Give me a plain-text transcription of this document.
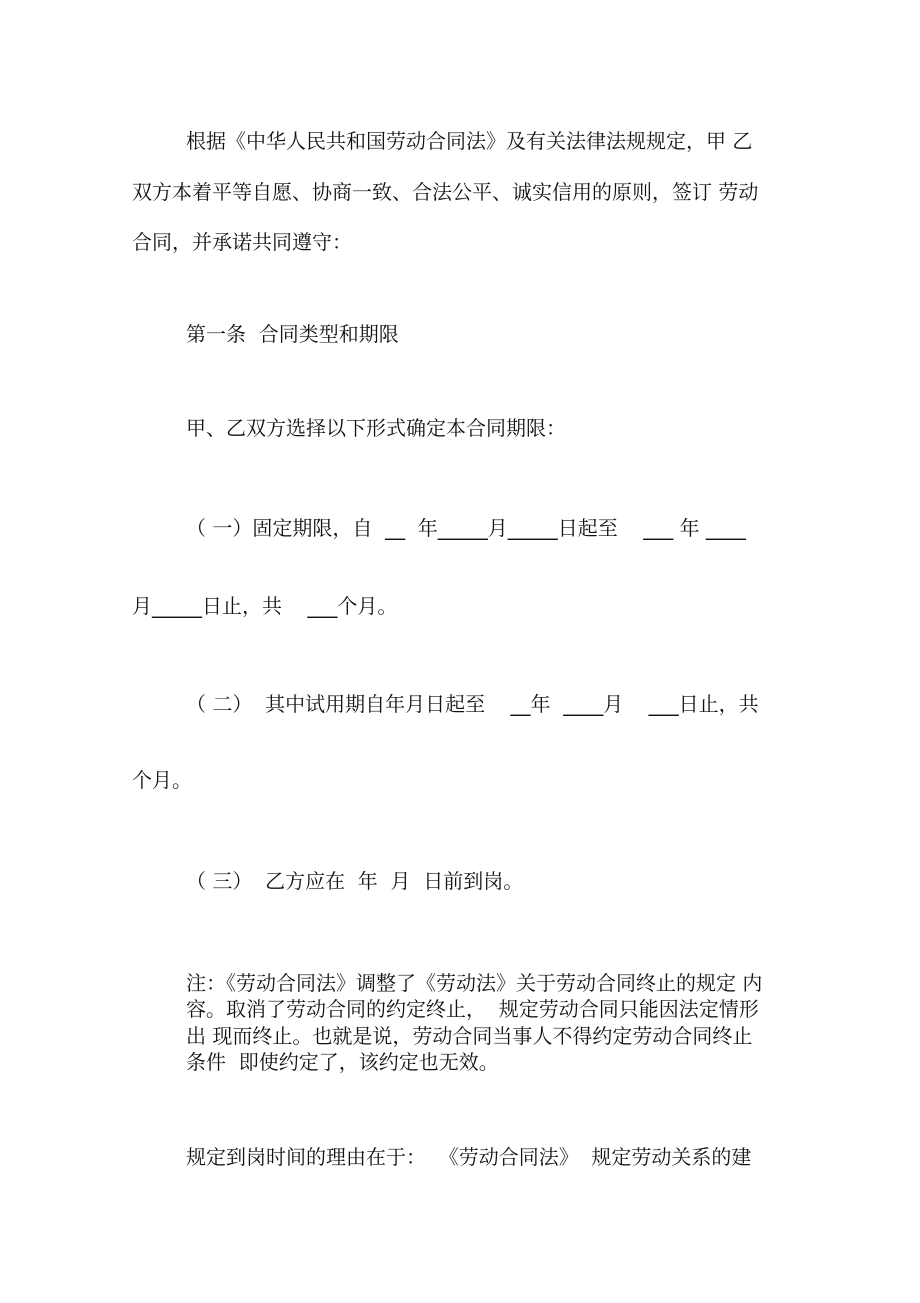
根据《中华人民共和国劳动合同法》及有关法律法规规定，甲 乙
双方本着平等自愿、协商一致、合法公平、诚实信用的原则，签订 劳动
合同，并承诺共同遵守：
第一条  合同类型和期限
甲、乙双方选择以下形式确定本合同期限：
（ 一）固定期限，自  __  年_____月_____日起至    ___ 年 ____
月_____日止，共    ___个月。
（ 二）  其中试用期自年月日起至    __年  ____月    ___日止，共
个月。
（ 三）  乙方应在  年  月  日前到岗。
注：《劳动合同法》调整了《劳动法》关于劳动合同终止的规定 内
容。取消了劳动合同的约定终止，  规定劳动合同只能因法定情形
出 现而终止。也就是说，劳动合同当事人不得约定劳动合同终止
条件  即使约定了，该约定也无效。
规定到岗时间的理由在于：  《劳动合同法》  规定劳动关系的建
